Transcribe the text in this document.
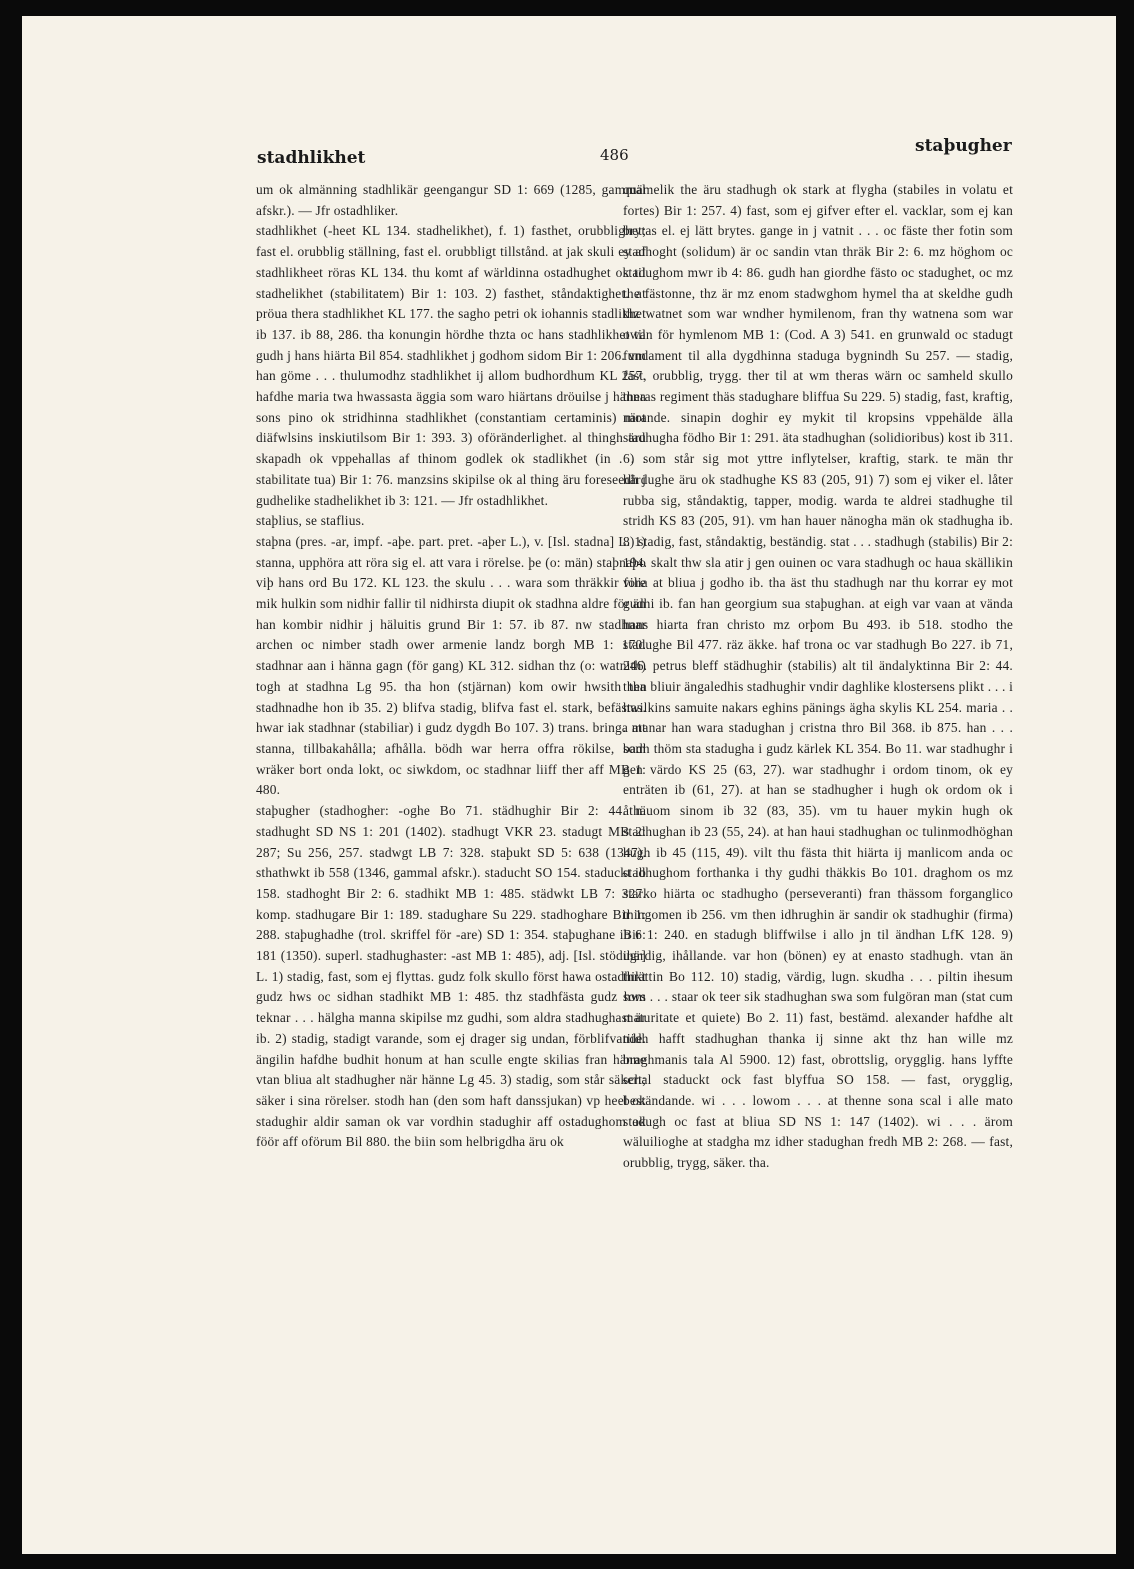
stadhlikhet	486	staþugher

um ok almänning stadhlikär geengangur SD 1: 669 (1285, gammal afskr.). — Jfr ostadhliker.

stadhlikhet (-heet KL 134. stadhelikhet), f. 1) fasthet, orubblighet; fast el. orubblig ställning, fast el. orubbligt tillstånd. at jak skuli ey af stadhlikheet röras KL 134. thu komt af wärldinna ostadhughet ok til stadhelikhet (stabilitatem) Bir 1: 103. 2) fasthet, ståndaktighet. at pröua thera stadhlikhet KL 177. the sagho petri ok iohannis stadlikhet ib 137. ib 88, 286. tha konungin hördhe thzta oc hans stadhlikhet til gudh j hans hiärta Bil 854. stadhlikhet j godhom sidom Bir 1: 206. vm han göme . . . thulumodhz stadhlikhet ij allom budhordhum KL 257. hafdhe maria twa hwassasta äggia som waro hiärtans dröuilse j hänna sons pino ok stridhinna stadhlikhet (constantiam certaminis) mot diäfwlsins inskiutilsom Bir 1: 393. 3) oföränderlighet. al thingh äru skapadh ok vppehallas af thinom godlek ok stadlikhet (in . . . stabilitate tua) Bir 1: 76. manzsins skipilse ok al thing äru foreseedh j gudhelike stadhelikhet ib 3: 121. — Jfr ostadhlikhet.

staþlius, se staflius.

staþna (pres. -ar, impf. -aþe. part. pret. -aþer L.), v. [Isl. stadna] L. 1) stanna, upphöra att röra sig el. att vara i rörelse. þe (o: män) staþnaþo viþ hans ord Bu 172. KL 123. the skulu . . . wara som thräkkir fore mik hulkin som nidhir fallir til nidhirsta diupit ok stadhna aldre för än han kombir nidhir j häluitis grund Bir 1: 57. ib 87. nw stadhnar archen oc nimber stadh ower armenie landz borgh MB 1: 170. stadhnar aan i hänna gagn (för gang) KL 312. sidhan thz (o: watnith) togh at stadhna Lg 95. tha hon (stjärnan) kom owir hwsith tha stadhnadhe hon ib 35. 2) blifva stadig, blifva fast el. stark, befästas. hwar iak stadhnar (stabiliar) i gudz dygdh Bo 107. 3) trans. bringa att stanna, tillbakahålla; afhålla. bödh war herra offra rökilse, som wräker bort onda lokt, oc siwkdom, oc stadhnar liiff ther aff MB 1: 480.

staþugher (stadhogher: -oghe Bo 71. städhughir Bir 2: 44. n. stadhught SD NS 1: 201 (1402). stadhugt VKR 23. stadugt MB 2: 287; Su 256, 257. stadwgt LB 7: 328. staþukt SD 5: 638 (1347). sthathwkt ib 558 (1346, gammal afskr.). staducht SO 154. staduckt ib 158. stadhoght Bir 2: 6. stadhikt MB 1: 485. städwkt LB 7: 327. komp. stadhugare Bir 1: 189. stadughare Su 229. stadhoghare Bir 1: 288. staþughadhe (trol. skriffel för -are) SD 1: 354. staþughane ib 6: 181 (1350). superl. stadhughaster: -ast MB 1: 485), adj. [Isl. stödugr] L. 1) stadig, fast, som ej flyttas. gudz folk skullo först hawa ostadhikt gudz hws oc sidhan stadhikt MB 1: 485. thz stadhfästa gudz hws teknar . . . hälgha manna skipilse mz gudhi, som aldra stadhughast är ib. 2) stadig, stadigt varande, som ej drager sig undan, förblifvande. ängilin hafdhe budhit honum at han sculle engte skilias fran hänne vtan bliua alt stadhugher när hänne Lg 45. 3) stadig, som står säkert; säker i sina rörelser. stodh han (den som haft danssjukan) vp heel ok stadughir aldir saman ok var vordhin stadughir aff ostadughom ok föör aff oförum Bil 880. the biin som helbrigdha äru ok

quämelik the äru stadhugh ok stark at flygha (stabiles in volatu et fortes) Bir 1: 257. 4) fast, som ej gifver efter el. vacklar, som ej kan brytas el. ej lätt brytes. gange in j vatnit . . . oc fäste ther fotin som stadhoght (solidum) är oc sandin vtan thräk Bir 2: 6. mz höghom oc stadughom mwr ib 4: 86. gudh han giordhe fästo oc stadughet, oc mz the fästonne, thz är mz enom stadwghom hymel tha at skeldhe gudh thz watnet som war wndher hymilenom, fran thy watnena som war owan för hymlenom MB 1: (Cod. A 3) 541. en grunwald oc stadugt fundament til alla dygdhinna staduga bygnindh Su 257. — stadig, fast, orubblig, trygg. ther til at wm theras wärn oc samheld skullo theras regiment thäs stadughare bliffua Su 229. 5) stadig, fast, kraftig, närande. sinapin doghir ey mykit til kropsins vppehälde älla stadhugha födho Bir 1: 291. äta stadhughan (solidioribus) kost ib 311. 6) som står sig mot yttre inflytelser, kraftig, stark. te män thr härdughe äru ok stadhughe KS 83 (205, 91) 7) som ej viker el. låter rubba sig, ståndaktig, tapper, modig. warda te aldrei stadhughe til stridh KS 83 (205, 91). vm han hauer nänogha män ok stadhugha ib. 8) stadig, fast, ståndaktig, beständig. stat . . . stadhugh (stabilis) Bir 2: 194. skalt thw sla atir j gen ouinen oc vara stadhugh oc haua skällikin vilia at bliua j godho ib. tha äst thu stadhugh nar thu korrar ey mot gudhi ib. fan han georgium sua staþughan. at eigh var vaan at vända hans hiarta fran christo mz orþom Bu 493. ib 518. stodho the stadughe Bil 477. räz äkke. haf trona oc var stadhugh Bo 227. ib 71, 246. petrus bleff städhughir (stabilis) alt til ändalyktinna Bir 2: 44. then bliuir ängaledhis stadhughir vndir daghlike klostersens plikt . . . i hwilkins samuite nakars eghins pänings ägha skylis KL 254. maria . . . manar han wara stadughan j cristna thro Bil 368. ib 875. han . . . badh thöm sta stadugha i gudz kärlek KL 354. Bo 11. war stadhughr i gen värdo KS 25 (63, 27). war stadhughr i ordom tinom, ok ey enträten ib (61, 27). at han se stadhugher i hugh ok ordom ok i åthäuom sinom ib 32 (83, 35). vm tu hauer mykin hugh ok stadhughan ib 23 (55, 24). at han haui stadhughan oc tulinmodhöghan hugh ib 45 (115, 49). vilt thu fästa thit hiärta ij manlicom anda oc stadhughom forthanka i thy gudhi thäkkis Bo 101. draghom os mz starko hiärta oc stadhugho (perseveranti) fran thässom forganglico thingomen ib 256. vm then idhrughin är sandir ok stadhughir (firma) Bir 1: 240. en stadugh bliffwilse i allo jn til ändhan LfK 128. 9) ihärdig, ihållande. var hon (bönen) ey at enasto stadhugh. vtan än thrättin Bo 112. 10) stadig, värdig, lugn. skudha . . . piltin ihesum som . . . staar ok teer sik stadhughan swa som fulgöran man (stat cum maturitate et quiete) Bo 2. 11) fast, bestämd. alexander hafdhe alt tiidh hafft stadhughan thanka ij sinne akt thz han wille mz braghmanis tala Al 5900. 12) fast, obrottslig, orygglig. hans lyffte schal staduckt ock fast blyffua SO 158. — fast, orygglig, beständande. wi . . . lowom . . . at thenne sona scal i alle mato stadugh oc fast at bliua SD NS 1: 147 (1402). wi . . . ärom wäluilioghe at stadgha mz idher stadughan fredh MB 2: 268. — fast, orubblig, trygg, säker. tha.
